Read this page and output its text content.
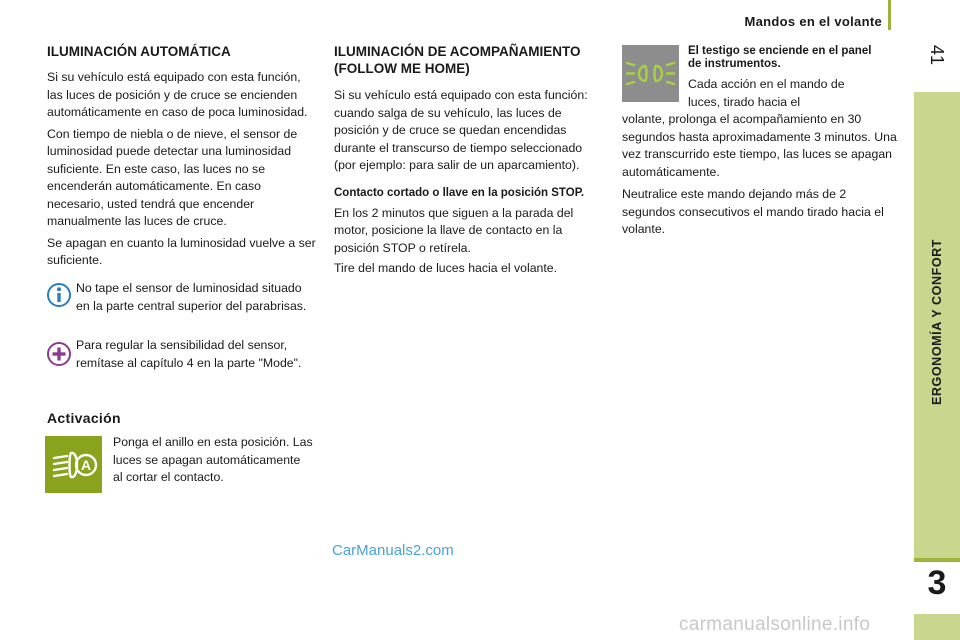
Mandos en el volante
41
ERGONOMÍA Y CONFORT
3
ILUMINACIÓN AUTOMÁTICA

Si su vehículo está equipado con esta función, las luces de posición y de cruce se encienden automáticamente en caso de poca luminosidad.

Con tiempo de niebla o de nieve, el sensor de luminosidad puede detectar una luminosidad suficiente. En este caso, las luces no se encenderán automáticamente. En caso necesario, usted tendrá que encender manualmente las luces de cruce.

Se apagan en cuanto la luminosidad vuelve a ser suficiente.

No tape el sensor de luminosidad situado en la parte central superior del parabrisas.

Para regular la sensibilidad del sensor, remítase al capítulo 4 en la parte "Mode".

Activación
A

Ponga el anillo en esta posición. Las luces se apagan automáticamente al cortar el contacto.

ILUMINACIÓN DE ACOMPAÑAMIENTO
(FOLLOW ME HOME)

Si su vehículo está equipado con esta función: cuando salga de su vehículo, las luces de posición y de cruce se quedan encendidas durante el transcurso de tiempo seleccionado (por ejemplo: para salir de un aparcamiento).

Contacto cortado o llave en la posición STOP.

En los 2 minutos que siguen a la parada del motor, posicione la llave de contacto en la posición STOP o retírela.

Tire del mando de luces hacia el volante.

El testigo se enciende en el panel de instrumentos.

Cada acción en el mando de luces, tirado hacia el

volante, prolonga el acompañamiento en 30 segundos hasta aproximadamente 3 minutos. Una vez transcurrido este tiempo, las luces se apagan automáticamente.

Neutralice este mando dejando más de 2 segundos consecutivos el mando tirado hacia el volante.

CarManuals2.com
carmanualsonline.info
